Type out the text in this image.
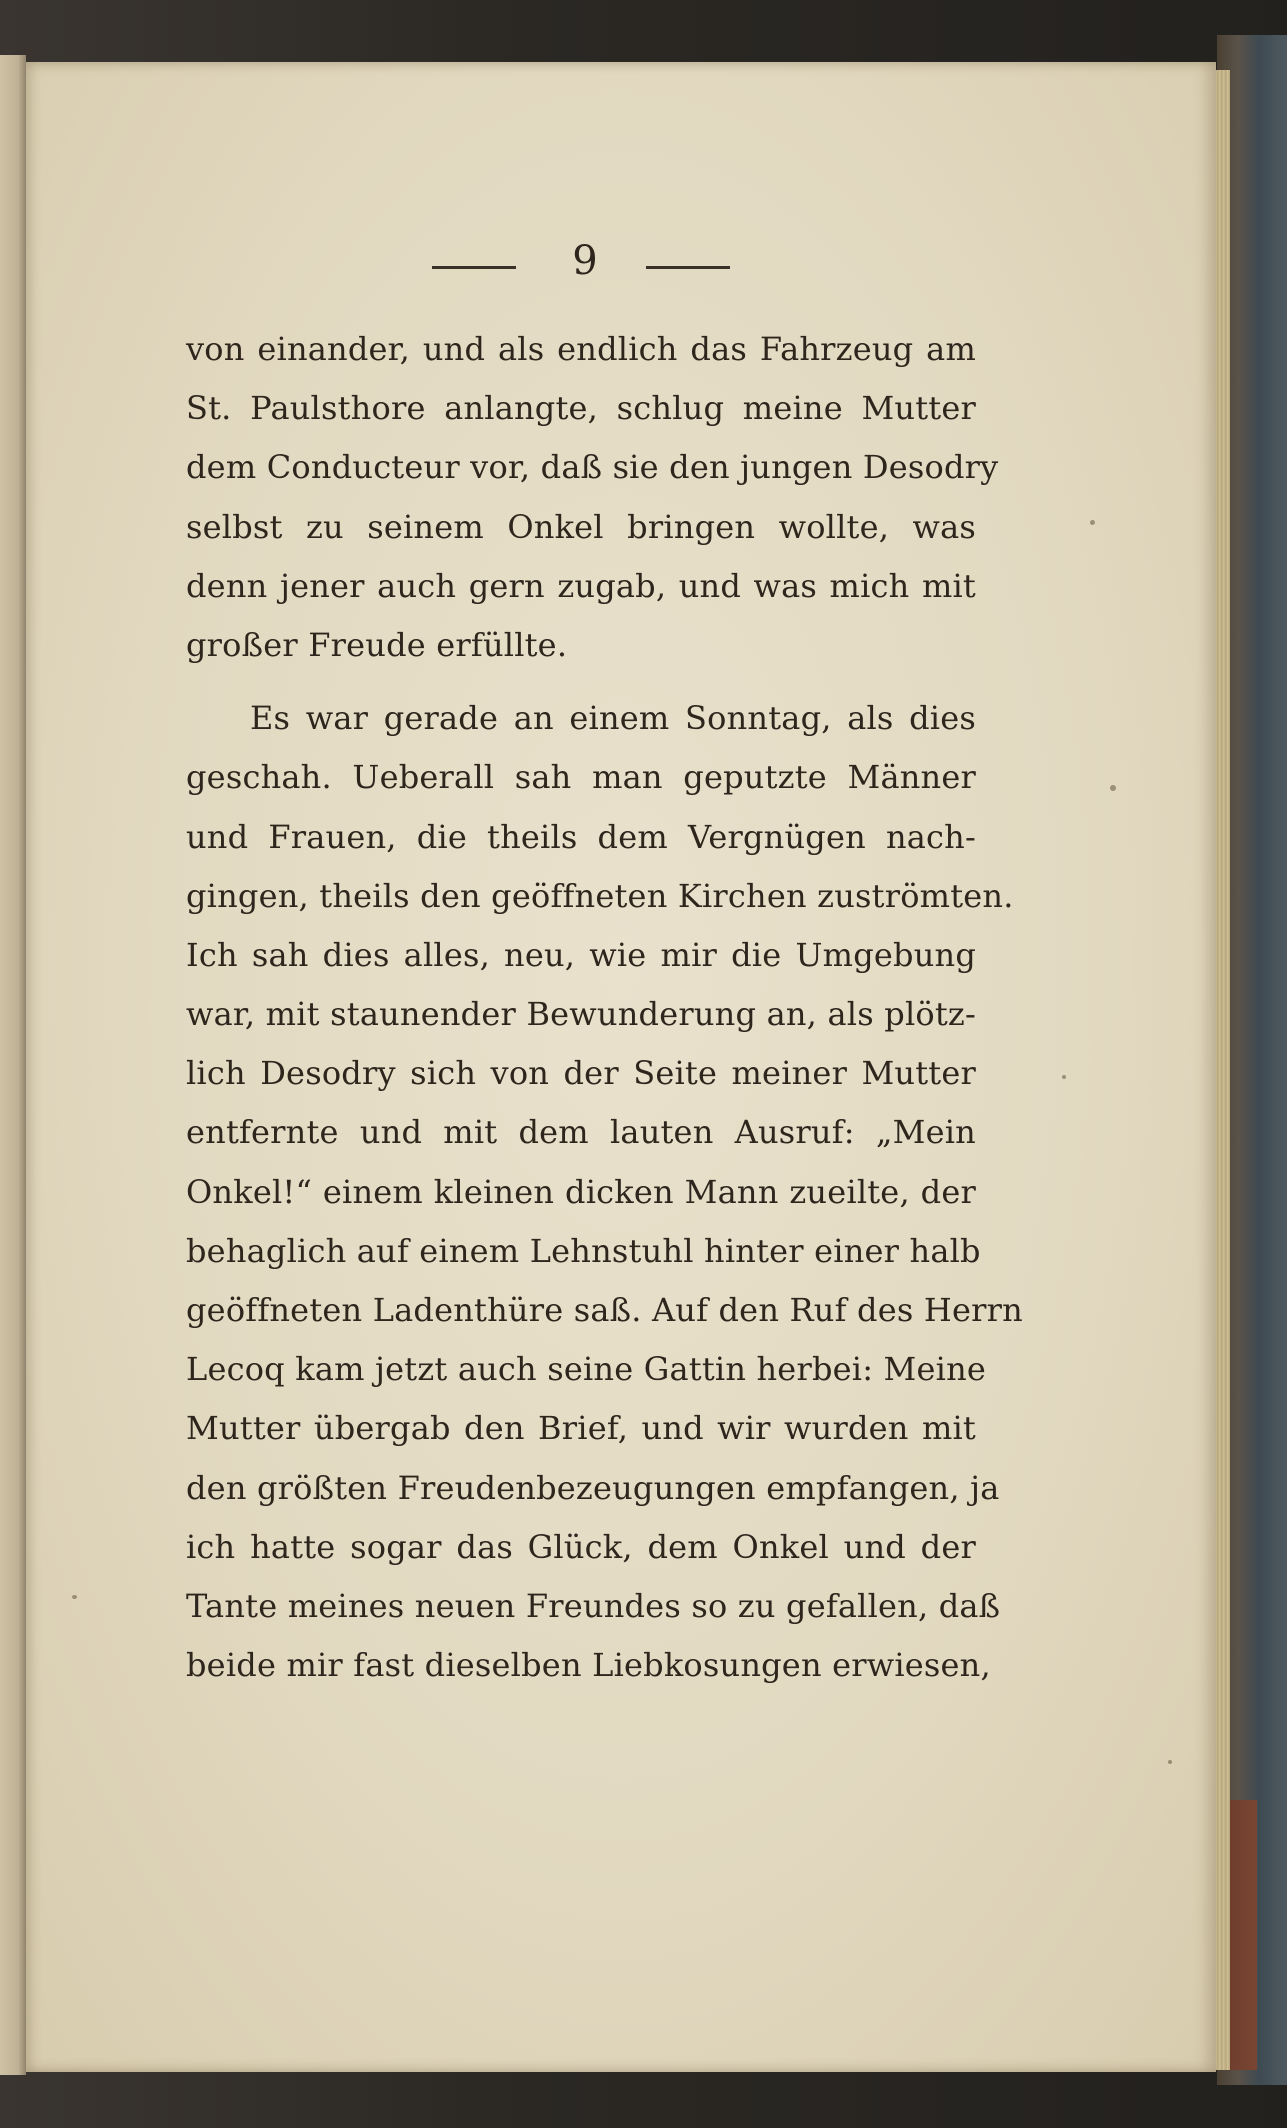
9
von einander, und als endlich das Fahrzeug am
St. Paulsthore anlangte, schlug meine Mutter
dem Conducteur vor, daß sie den jungen Desodry
selbst zu seinem Onkel bringen wollte, was
denn jener auch gern zugab, und was mich mit
großer Freude erfüllte.
Es war gerade an einem Sonntag, als dies
geschah. Ueberall sah man geputzte Männer
und Frauen, die theils dem Vergnügen nach-
gingen, theils den geöffneten Kirchen zuströmten.
Ich sah dies alles, neu, wie mir die Umgebung
war, mit staunender Bewunderung an, als plötz-
lich Desodry sich von der Seite meiner Mutter
entfernte und mit dem lauten Ausruf: „Mein
Onkel!“ einem kleinen dicken Mann zueilte, der
behaglich auf einem Lehnstuhl hinter einer halb
geöffneten Ladenthüre saß. Auf den Ruf des Herrn
Lecoq kam jetzt auch seine Gattin herbei: Meine
Mutter übergab den Brief, und wir wurden mit
den größten Freudenbezeugungen empfangen, ja
ich hatte sogar das Glück, dem Onkel und der
Tante meines neuen Freundes so zu gefallen, daß
beide mir fast dieselben Liebkosungen erwiesen,
